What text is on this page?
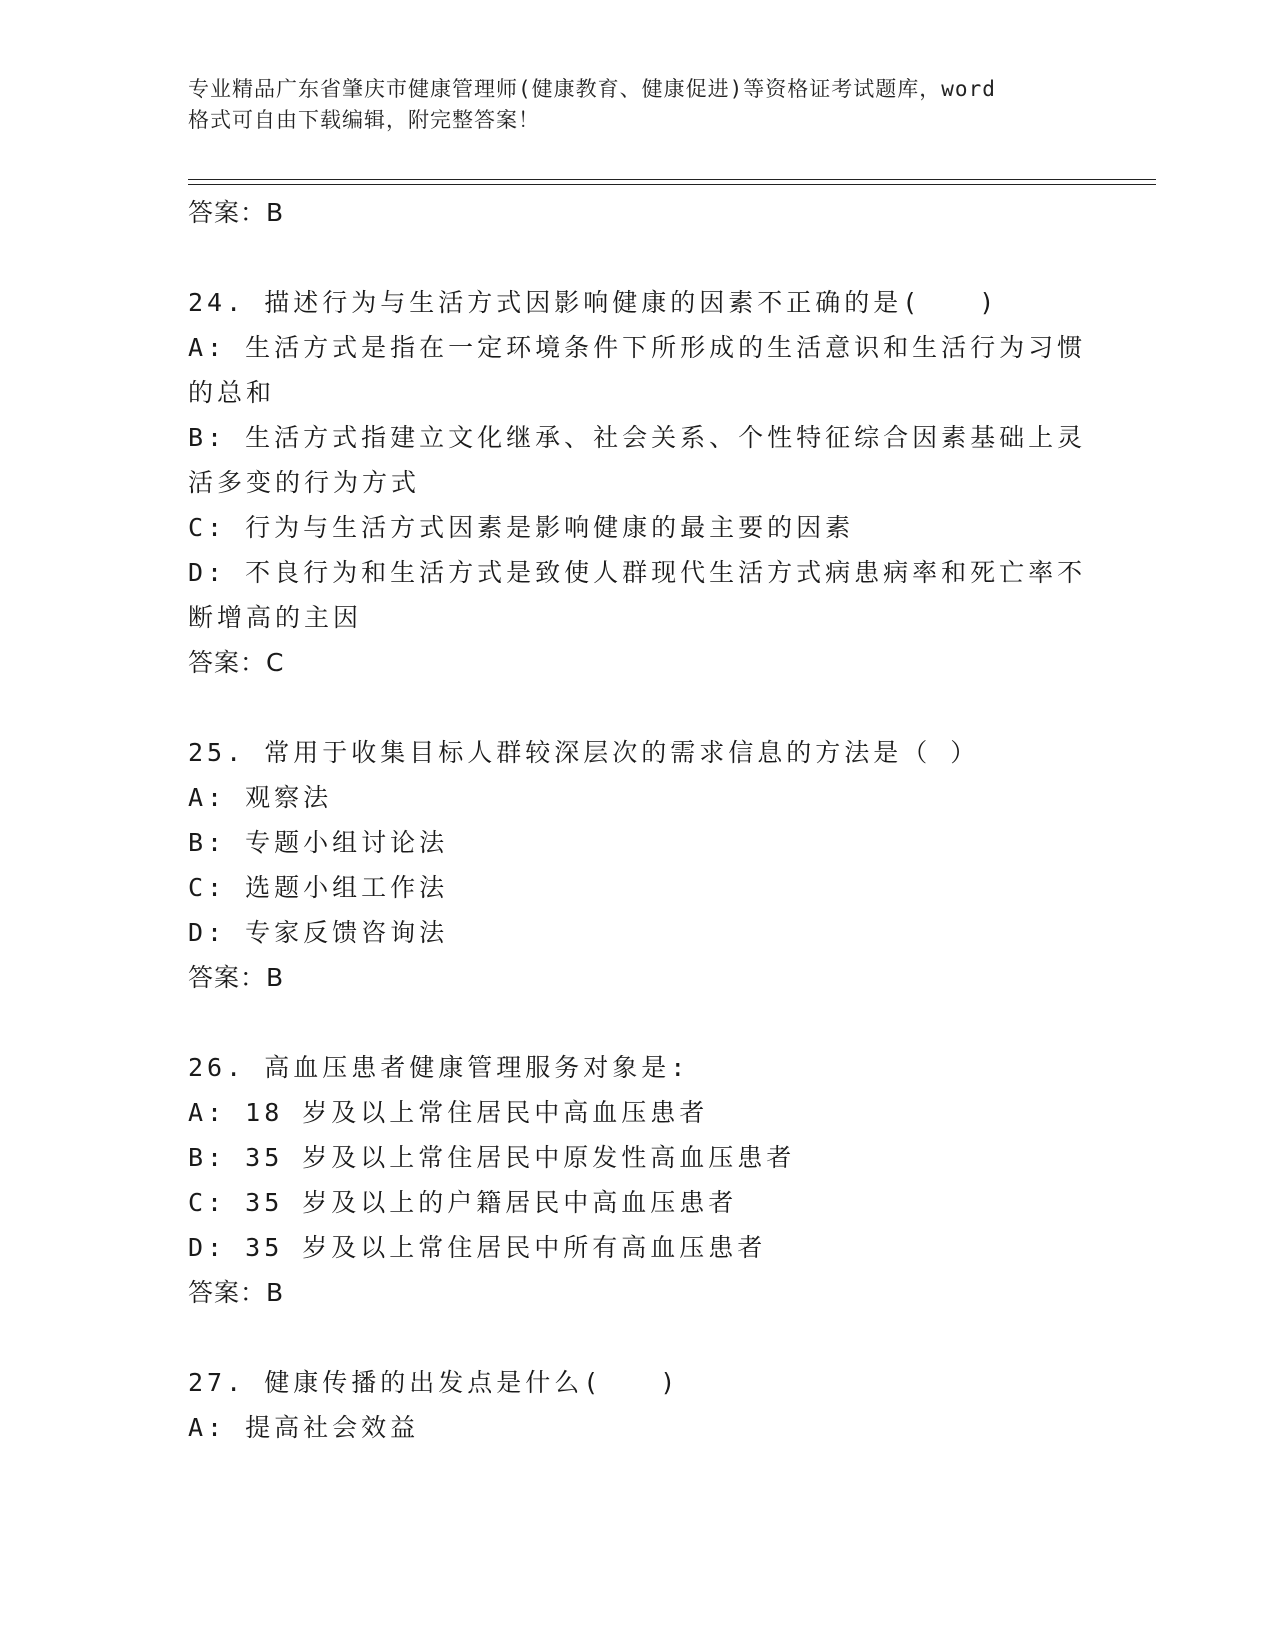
专业精品广东省肇庆市健康管理师(健康教育、健康促进)等资格证考试题库，word
格式可自由下载编辑，附完整答案！
答案：B
24. 描述行为与生活方式因影响健康的因素不正确的是(　　)
A: 生活方式是指在一定环境条件下所形成的生活意识和生活行为习惯
的总和
B: 生活方式指建立文化继承、社会关系、个性特征综合因素基础上灵
活多变的行为方式
C: 行为与生活方式因素是影响健康的最主要的因素
D: 不良行为和生活方式是致使人群现代生活方式病患病率和死亡率不
断增高的主因
答案：C
25. 常用于收集目标人群较深层次的需求信息的方法是（ ）
A: 观察法
B: 专题小组讨论法
C: 选题小组工作法
D: 专家反馈咨询法
答案：B
26. 高血压患者健康管理服务对象是:
A: 18 岁及以上常住居民中高血压患者
B: 35 岁及以上常住居民中原发性高血压患者
C: 35 岁及以上的户籍居民中高血压患者
D: 35 岁及以上常住居民中所有高血压患者
答案：B
27. 健康传播的出发点是什么(　　)
A: 提高社会效益
